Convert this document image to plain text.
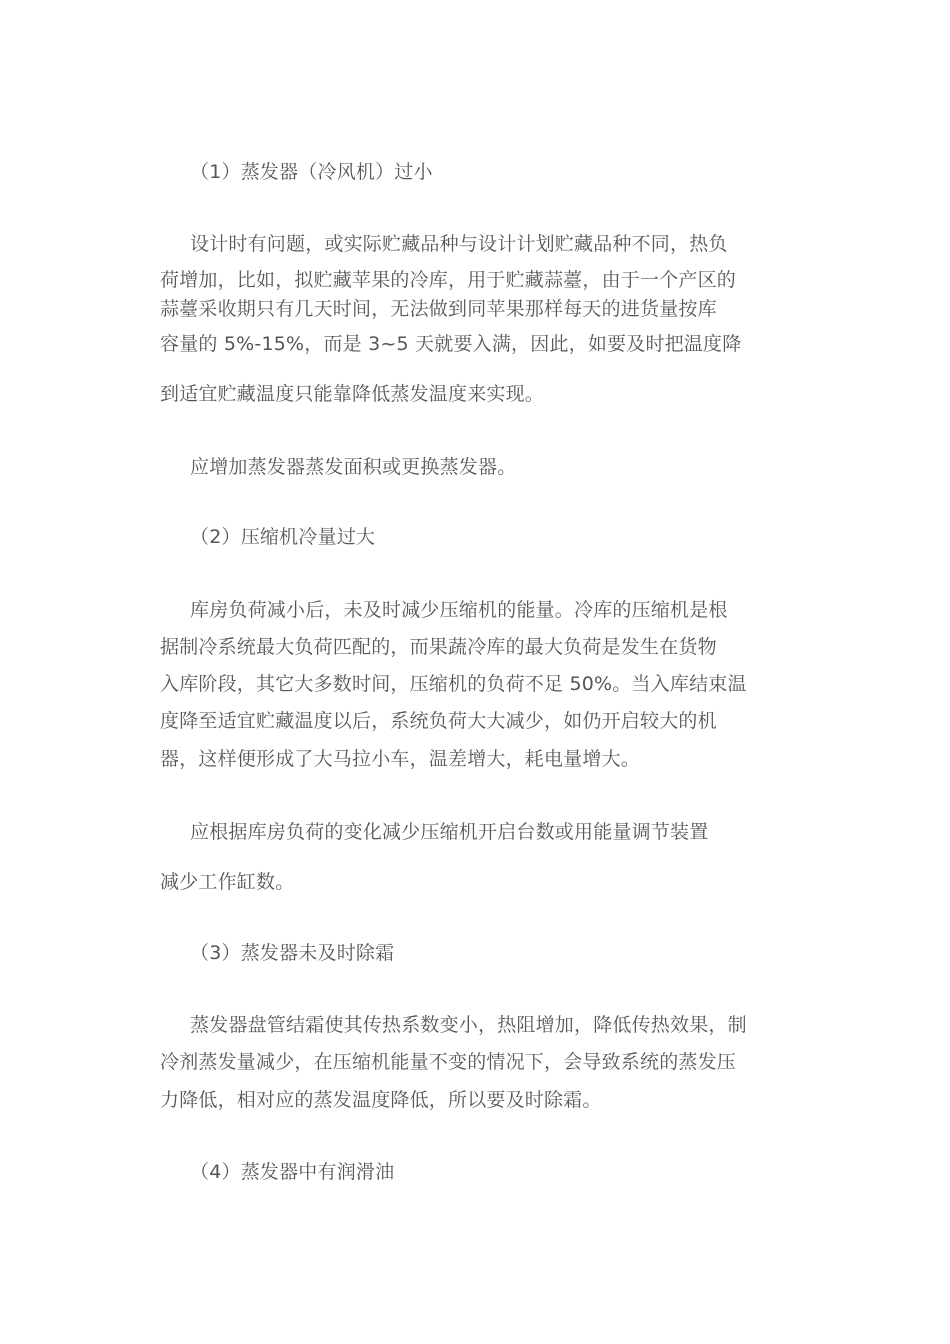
（1）蒸发器（冷风机）过小
设计时有问题，或实际贮藏品种与设计计划贮藏品种不同，热负
荷增加，比如，拟贮藏苹果的冷库，用于贮藏蒜薹，由于一个产区的
蒜薹采收期只有几天时间，无法做到同苹果那样每天的进货量按库
容量的 5%-15%，而是 3~5 天就要入满，因此，如要及时把温度降
到适宜贮藏温度只能靠降低蒸发温度来实现。
应增加蒸发器蒸发面积或更换蒸发器。
（2）压缩机冷量过大
库房负荷减小后，未及时减少压缩机的能量。冷库的压缩机是根
据制冷系统最大负荷匹配的，而果蔬冷库的最大负荷是发生在货物
入库阶段，其它大多数时间，压缩机的负荷不足 50%。当入库结束温
度降至适宜贮藏温度以后，系统负荷大大减少，如仍开启较大的机
器，这样便形成了大马拉小车，温差增大，耗电量增大。
应根据库房负荷的变化减少压缩机开启台数或用能量调节装置
减少工作缸数。
（3）蒸发器未及时除霜
蒸发器盘管结霜使其传热系数变小，热阻增加，降低传热效果，制
冷剂蒸发量减少，在压缩机能量不变的情况下，会导致系统的蒸发压
力降低，相对应的蒸发温度降低，所以要及时除霜。
（4）蒸发器中有润滑油
